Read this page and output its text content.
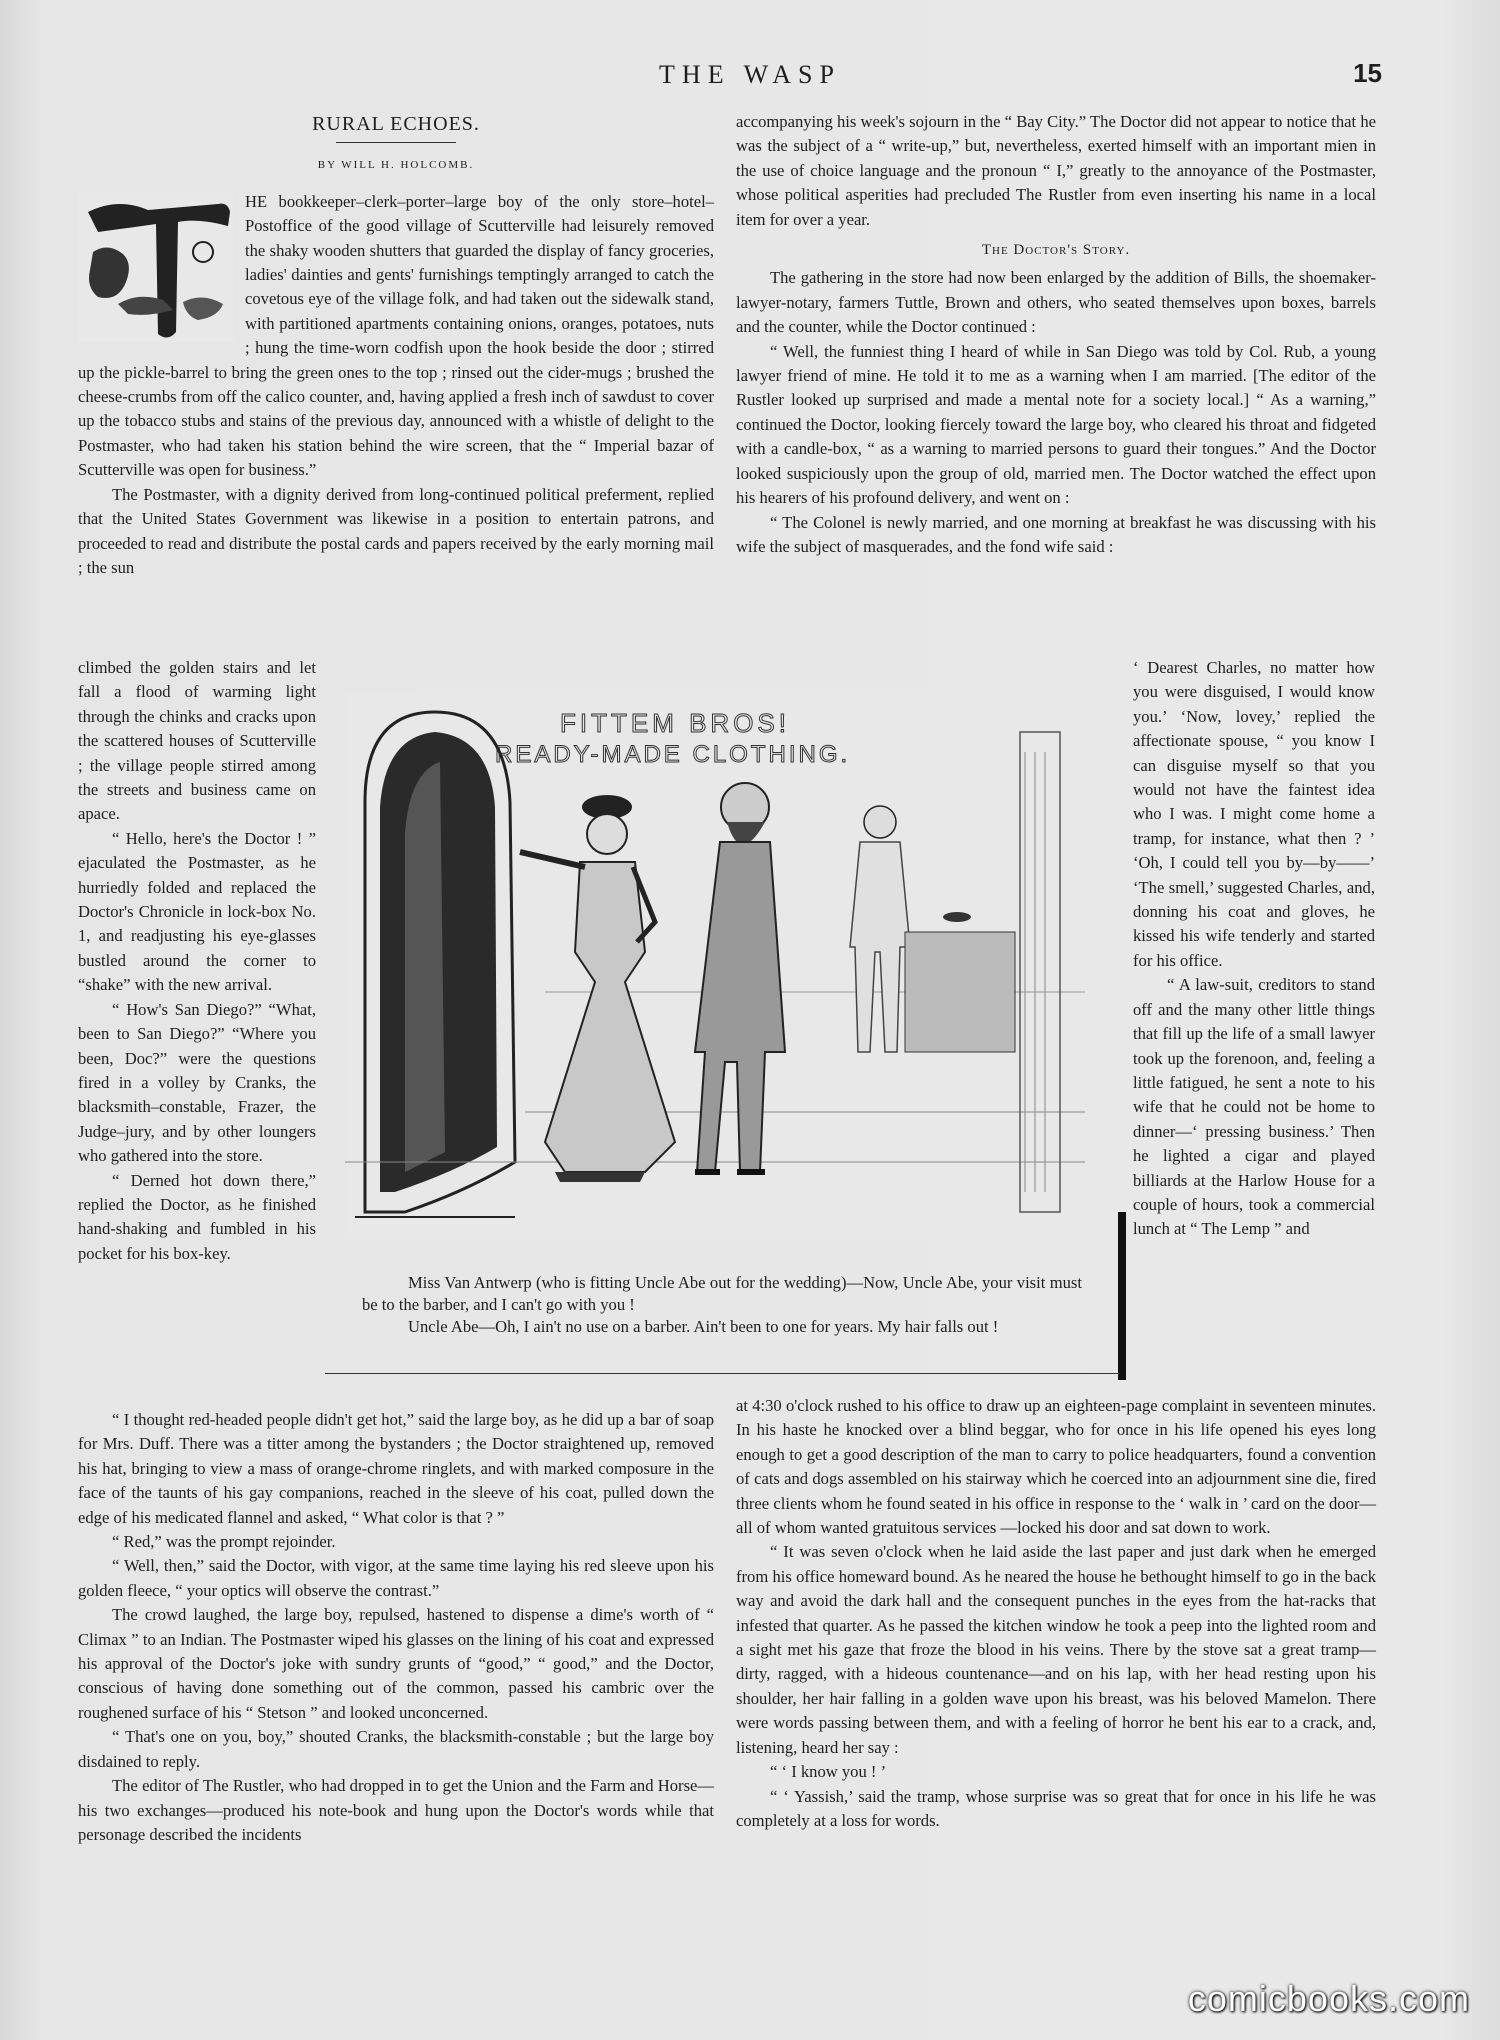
THE WASP	15
RURAL ECHOES.
BY WILL H. HOLCOMB.

HE bookkeeper–clerk–porter–large boy of the only store–hotel–Postoffice of the good village of Scutterville had leisurely removed the shaky wooden shutters that guarded the display of fancy groceries, ladies' dainties and gents' furnishings temptingly arranged to catch the covetous eye of the village folk, and had taken out the sidewalk stand, with partitioned apartments containing onions, oranges, potatoes, nuts ; hung the time-worn codfish upon the hook beside the door ; stirred up the pickle-barrel to bring the green ones to the top ; rinsed out the cider-mugs ; brushed the cheese-crumbs from off the calico counter, and, having applied a fresh inch of sawdust to cover up the tobacco stubs and stains of the previous day, announced with a whistle of delight to the Postmaster, who had taken his station behind the wire screen, that the “ Imperial bazar of Scutterville was open for business.”

The Postmaster, with a dignity derived from long-continued political preferment, replied that the United States Government was likewise in a position to entertain patrons, and proceeded to read and distribute the postal cards and papers received by the early morning mail ; the sun

climbed the golden stairs and let fall a flood of warming light through the chinks and cracks upon the scattered houses of Scutterville ; the village people stirred among the streets and business came on apace.

“ Hello, here's the Doctor ! ” ejaculated the Postmaster, as he hurriedly folded and replaced the Doctor's Chronicle in lock-box No. 1, and readjusting his eye-glasses bustled around the corner to “shake” with the new arrival.

“ How's San Diego?” “What, been to San Diego?” “Where you been, Doc?” were the questions fired in a volley by Cranks, the blacksmith–constable, Frazer, the Judge–jury, and by other loungers who gathered into the store.

“ Derned hot down there,” replied the Doctor, as he finished hand-shaking and fumbled in his pocket for his box-key.

“ I thought red-headed people didn't get hot,” said the large boy, as he did up a bar of soap for Mrs. Duff. There was a titter among the bystanders ; the Doctor straightened up, removed his hat, bringing to view a mass of orange-chrome ringlets, and with marked composure in the face of the taunts of his gay companions, reached in the sleeve of his coat, pulled down the edge of his medicated flannel and asked, “ What color is that ? ”

“ Red,” was the prompt rejoinder.

“ Well, then,” said the Doctor, with vigor, at the same time laying his red sleeve upon his golden fleece, “ your optics will observe the contrast.”

The crowd laughed, the large boy, repulsed, hastened to dispense a dime's worth of “ Climax ” to an Indian. The Postmaster wiped his glasses on the lining of his coat and expressed his approval of the Doctor's joke with sundry grunts of “good,” “ good,” and the Doctor, conscious of having done something out of the common, passed his cambric over the roughened surface of his “ Stetson ” and looked unconcerned.

“ That's one on you, boy,” shouted Cranks, the blacksmith-constable ; but the large boy disdained to reply.

The editor of The Rustler, who had dropped in to get the Union and the Farm and Horse—his two exchanges—produced his note-book and hung upon the Doctor's words while that personage described the incidents

accompanying his week's sojourn in the “ Bay City.” The Doctor did not appear to notice that he was the subject of a “ write-up,” but, nevertheless, exerted himself with an important mien in the use of choice language and the pronoun “ I,” greatly to the annoyance of the Postmaster, whose political asperities had precluded The Rustler from even inserting his name in a local item for over a year.

The Doctor's Story.

The gathering in the store had now been enlarged by the addition of Bills, the shoemaker-lawyer-notary, farmers Tuttle, Brown and others, who seated themselves upon boxes, barrels and the counter, while the Doctor continued :

“ Well, the funniest thing I heard of while in San Diego was told by Col. Rub, a young lawyer friend of mine. He told it to me as a warning when I am married. [The editor of the Rustler looked up surprised and made a mental note for a society local.] “ As a warning,” continued the Doctor, looking fiercely toward the large boy, who cleared his throat and fidgeted with a candle-box, “ as a warning to married persons to guard their tongues.” And the Doctor looked suspiciously upon the group of old, married men. The Doctor watched the effect upon his hearers of his profound delivery, and went on :

“ The Colonel is newly married, and one morning at breakfast he was discussing with his wife the subject of masquerades, and the fond wife said :

‘ Dearest Charles, no matter how you were disguised, I would know you.’ ‘Now, lovey,’ replied the affectionate spouse, “ you know I can disguise myself so that you would not have the faintest idea who I was. I might come home a tramp, for instance, what then ? ’ ‘Oh, I could tell you by—by——’ ‘The smell,’ suggested Charles, and, donning his coat and gloves, he kissed his wife tenderly and started for his office.

“ A law-suit, creditors to stand off and the many other little things that fill up the life of a small lawyer took up the forenoon, and, feeling a little fatigued, he sent a note to his wife that he could not be home to dinner—‘ pressing business.’ Then he lighted a cigar and played billiards at the Harlow House for a couple of hours, took a commercial lunch at “ The Lemp ” and

FITTEM BROS!
READY-MADE CLOTHING.

Miss Van Antwerp (who is fitting Uncle Abe out for the wedding)—Now, Uncle Abe, your visit must be to the barber, and I can't go with you !

Uncle Abe—Oh, I ain't no use on a barber. Ain't been to one for years. My hair falls out !

at 4:30 o'clock rushed to his office to draw up an eighteen-page complaint in seventeen minutes. In his haste he knocked over a blind beggar, who for once in his life opened his eyes long enough to get a good description of the man to carry to police headquarters, found a convention of cats and dogs assembled on his stairway which he coerced into an adjournment sine die, fired three clients whom he found seated in his office in response to the ‘ walk in ’ card on the door—all of whom wanted gratuitous services —locked his door and sat down to work.

“ It was seven o'clock when he laid aside the last paper and just dark when he emerged from his office homeward bound. As he neared the house he bethought himself to go in the back way and avoid the dark hall and the consequent punches in the eyes from the hat-racks that infested that quarter. As he passed the kitchen window he took a peep into the lighted room and a sight met his gaze that froze the blood in his veins. There by the stove sat a great tramp—dirty, ragged, with a hideous countenance—and on his lap, with her head resting upon his shoulder, her hair falling in a golden wave upon his breast, was his beloved Mamelon. There were words passing between them, and with a feeling of horror he bent his ear to a crack, and, listening, heard her say :

“ ‘ I know you ! ’

“ ‘ Yassish,’ said the tramp, whose surprise was so great that for once in his life he was completely at a loss for words.

comicbooks.com
